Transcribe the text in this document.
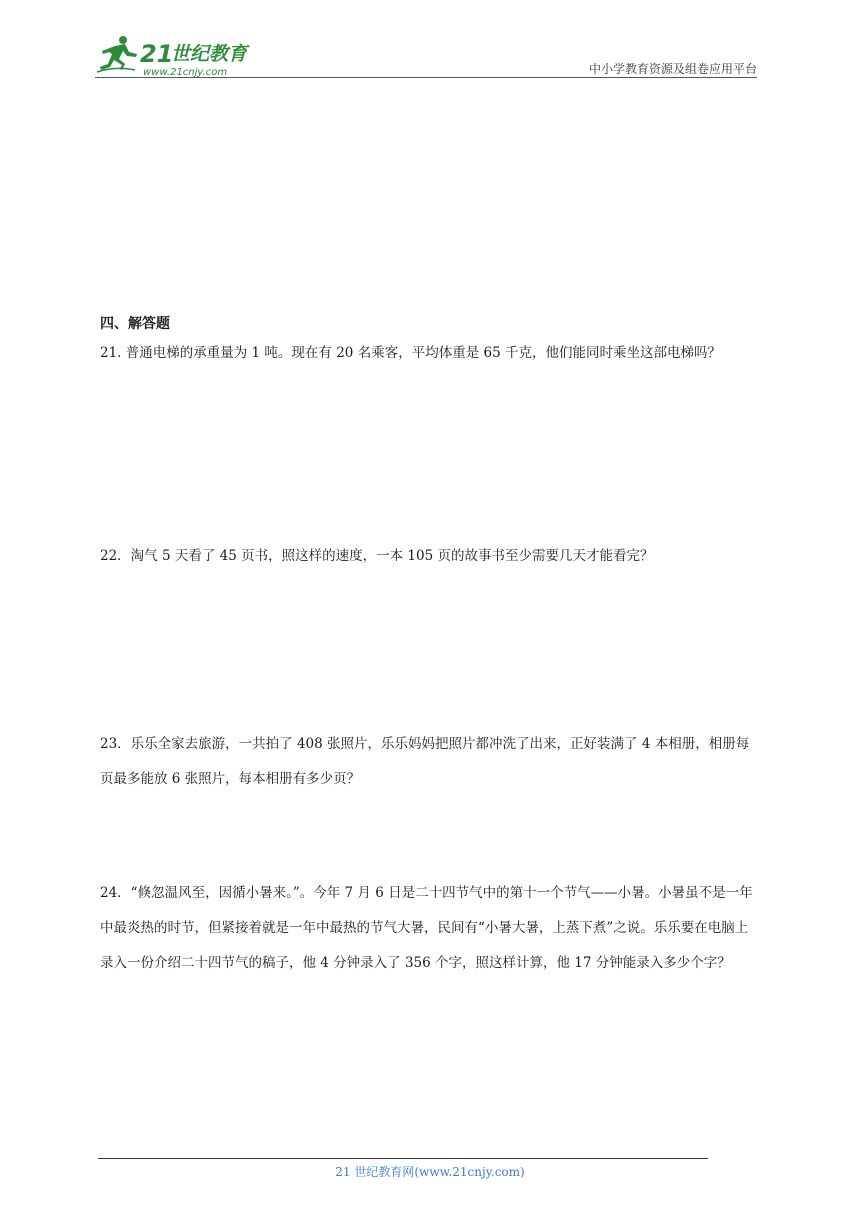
21
世纪教育
www.21cnjy.com	中小学教育资源及组卷应用平台
四、解答题
21. 普通电梯的承重量为 1 吨。现在有 20 名乘客，平均体重是 65 千克，他们能同时乘坐这部电梯吗？
22．淘气 5 天看了 45 页书，照这样的速度，一本 105 页的故事书至少需要几天才能看完？
23．乐乐全家去旅游，一共拍了 408 张照片，乐乐妈妈把照片都冲洗了出来，正好装满了 4 本相册，相册每页最多能放 6 张照片，每本相册有多少页？
24．“倏忽温风至，因循小暑来。”。今年 7 月 6 日是二十四节气中的第十一个节气——小暑。小暑虽不是一年中最炎热的时节，但紧接着就是一年中最热的节气大暑，民间有“小暑大暑，上蒸下煮”之说。乐乐要在电脑上录入一份介绍二十四节气的稿子，他 4 分钟录入了 356 个字，照这样计算，他 17 分钟能录入多少个字？
21 世纪教育网(www.21cnjy.com)
